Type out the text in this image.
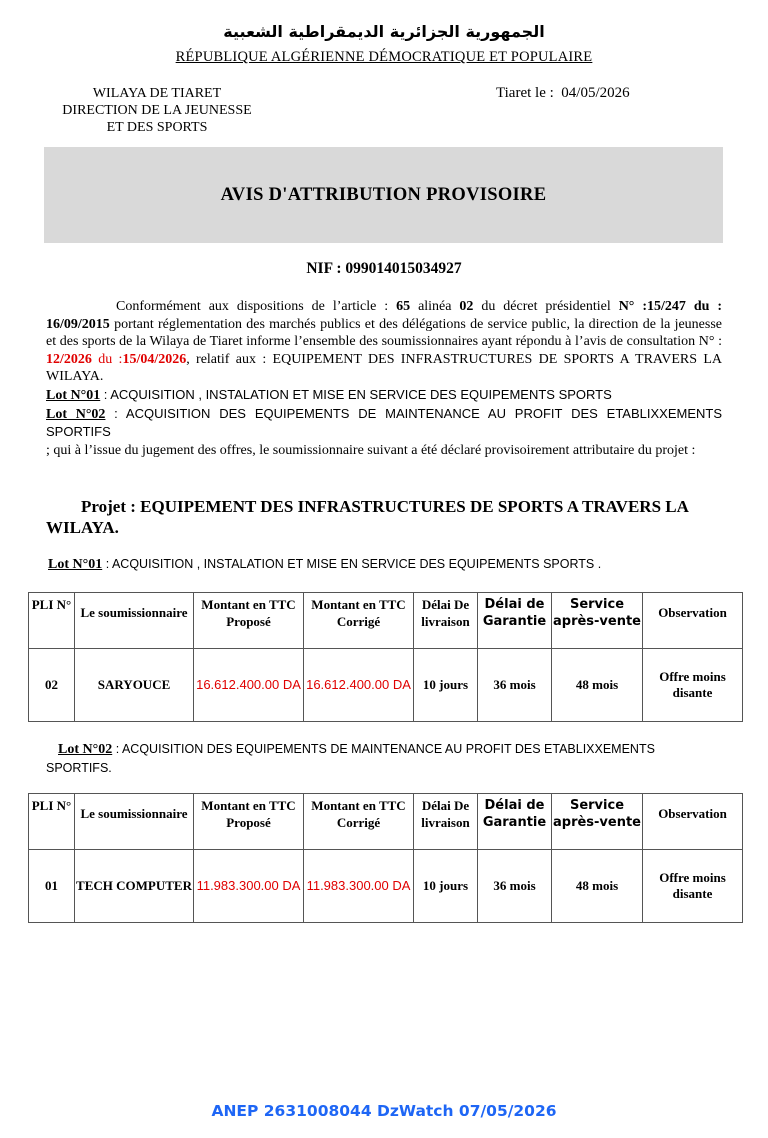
الجمهورية الجزائرية الديمقراطية الشعبية
RÉPUBLIQUE ALGÉRIENNE DÉMOCRATIQUE ET POPULAIRE
WILAYA DE TIARET
DIRECTION DE LA JEUNESSE
ET DES SPORTS
Tiaret le : 04/05/2026
AVIS D'ATTRIBUTION PROVISOIRE
NIF : 099014015034927
Conformément aux dispositions de l’article : 65 alinéa 02 du décret présidentiel N° :15/247 du : 16/09/2015 portant réglementation des marchés publics et des délégations de service public, la direction de la jeunesse et des sports de la Wilaya de Tiaret informe l’ensemble des soumissionnaires ayant répondu à l’avis de consultation N° : 12/2026 du :15/04/2026, relatif aux : EQUIPEMENT DES INFRASTRUCTURES DE SPORTS A TRAVERS LA WILAYA.
Lot N°01 : ACQUISITION , INSTALATION ET MISE EN SERVICE DES EQUIPEMENTS SPORTS
Lot N°02 : ACQUISITION DES EQUIPEMENTS DE MAINTENANCE AU PROFIT DES ETABLIXXEMENTS SPORTIFS
; qui à l’issue du jugement des offres, le soumissionnaire suivant a été déclaré provisoirement attributaire du projet :
Projet : EQUIPEMENT DES INFRASTRUCTURES DE SPORTS A TRAVERS LA WILAYA.
Lot N°01 : ACQUISITION , INSTALATION ET MISE EN SERVICE DES EQUIPEMENTS SPORTS .
PLI N°	Le soumissionnaire	Montant en TTC Proposé	Montant en TTC Corrigé	Délai De livraison	Délai de Garantie	Service après-vente	Observation
02	SARYOUCE	16.612.400.00 DA	16.612.400.00 DA	10 jours	36 mois	48 mois	Offre moins disante
Lot N°02 : ACQUISITION DES EQUIPEMENTS DE MAINTENANCE AU PROFIT DES ETABLIXXEMENTS SPORTIFS.
PLI N°	Le soumissionnaire	Montant en TTC Proposé	Montant en TTC Corrigé	Délai De livraison	Délai de Garantie	Service après-vente	Observation
01	TECH COMPUTER	11.983.300.00 DA	11.983.300.00 DA	10 jours	36 mois	48 mois	Offre moins disante
ANEP 2631008044 DzWatch 07/05/2026
